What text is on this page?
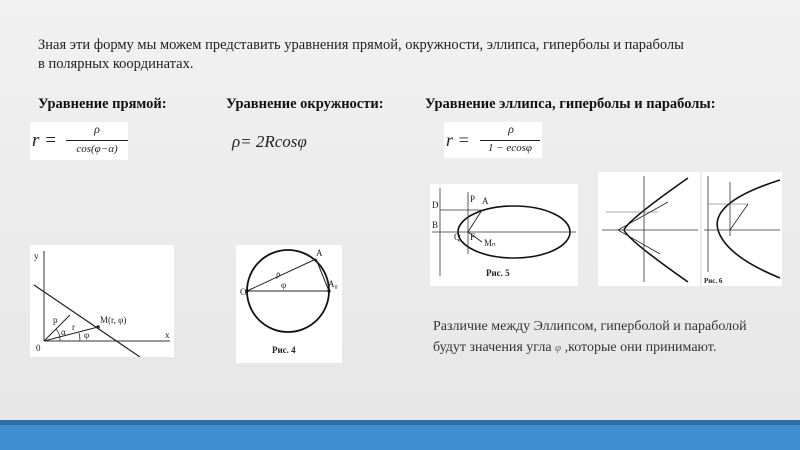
Зная эти форму мы можем представить уравнения прямой, окружности, эллипса, гиперболы и параболы
в полярных координатах.
Уравнение прямой:	Уравнение окружности:	Уравнение эллипса, гиперболы и параболы:
r =
ρ
cos(φ−α)	ρ= 2Rcosφ	r =
ρ
1 − ecosφ
y
x
0
M(r, φ)
p
r
α φ
O
A
A₀
ρ
φ
Рис. 4
P
F
A
B
D
Q
Mₙ
Рис. 5
Рис. 6
Различие между Эллипсом, гиперболой и параболой будут значения угла φ ,которые они принимают.
